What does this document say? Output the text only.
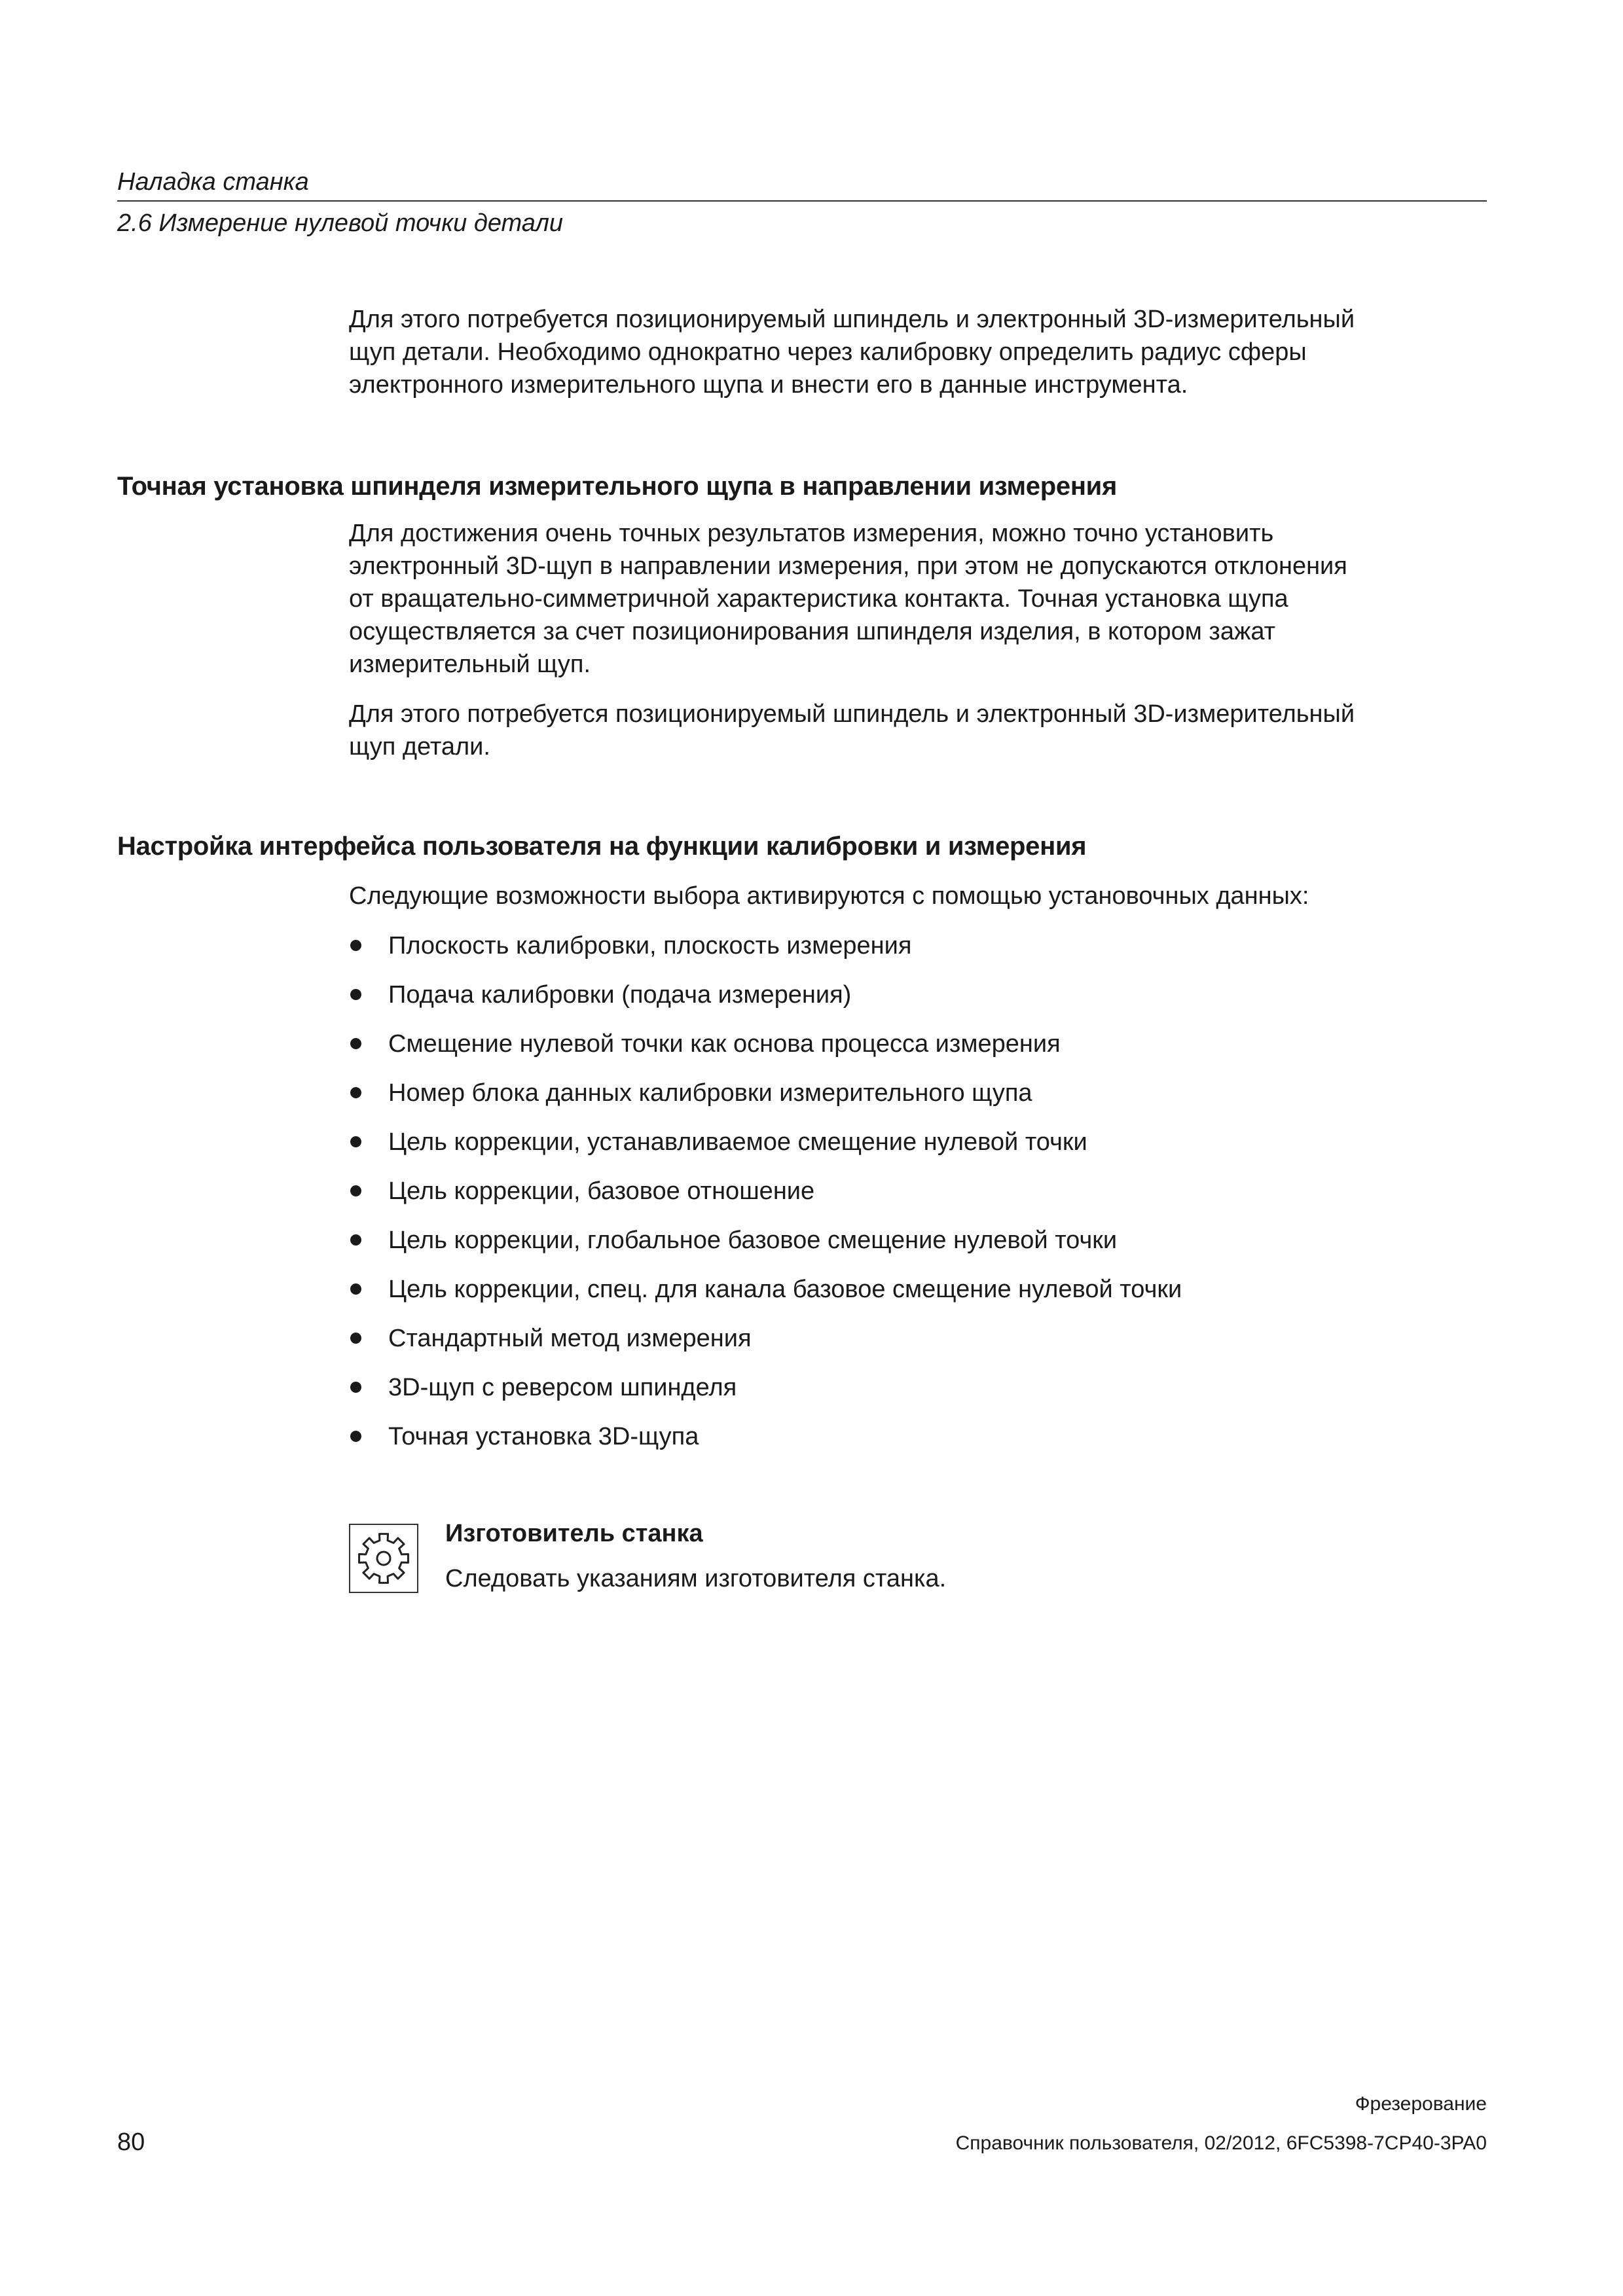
Наладка станка
2.6 Измерение нулевой точки детали

Для этого потребуется позиционируемый шпиндель и электронный 3D-измерительный
щуп детали. Необходимо однократно через калибровку определить радиус сферы
электронного измерительного щупа и внести его в данные инструмента.

Точная установка шпинделя измерительного щупа в направлении измерения

Для достижения очень точных результатов измерения, можно точно установить
электронный 3D-щуп в направлении измерения, при этом не допускаются отклонения
от вращательно-симметричной характеристика контакта. Точная установка щупа
осуществляется за счет позиционирования шпинделя изделия, в котором зажат
измерительный щуп.

Для этого потребуется позиционируемый шпиндель и электронный 3D-измерительный
щуп детали.

Настройка интерфейса пользователя на функции калибровки и измерения

Следующие возможности выбора активируются с помощью установочных данных:

Плоскость калибровки, плоскость измерения
Подача калибровки (подача измерения)
Смещение нулевой точки как основа процесса измерения
Номер блока данных калибровки измерительного щупа
Цель коррекции, устанавливаемое смещение нулевой точки
Цель коррекции, базовое отношение
Цель коррекции, глобальное базовое смещение нулевой точки
Цель коррекции, спец. для канала базовое смещение нулевой точки
Стандартный метод измерения
3D-щуп с реверсом шпинделя
Точная установка 3D-щупа
Изготовитель станка
Следовать указаниям изготовителя станка.
80
Фрезерование
Справочник пользователя, 02/2012, 6FC5398-7CP40-3PA0
